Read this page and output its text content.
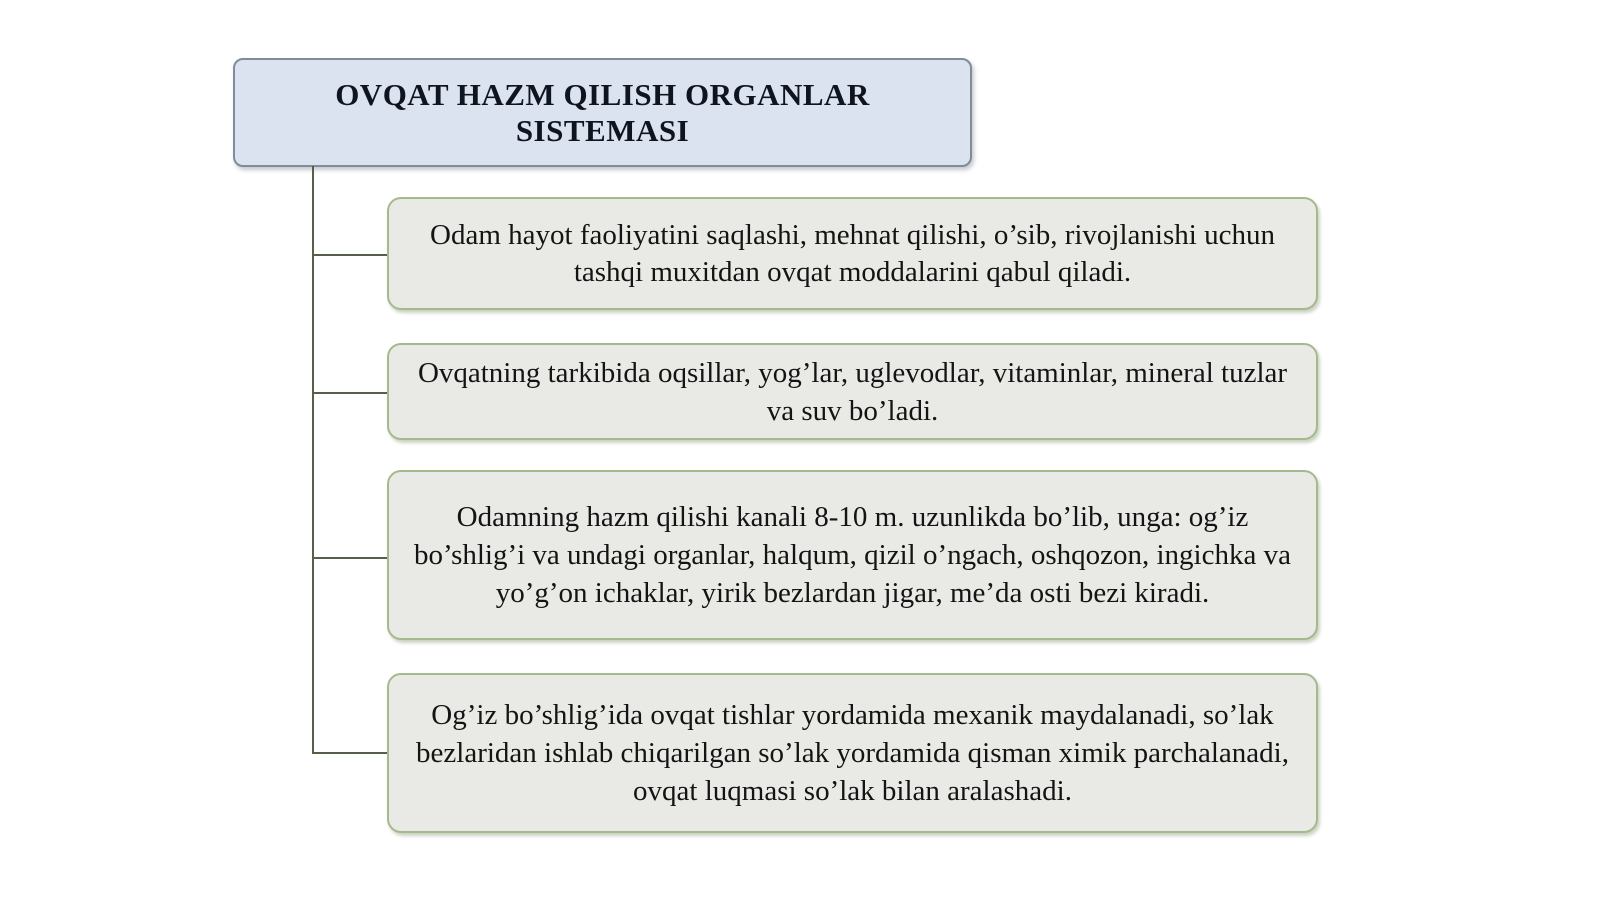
OVQAT HAZM QILISH ORGANLAR SISTEMASI
Odam hayot faoliyatini saqlashi, mehnat qilishi, o’sib, rivojlanishi uchun tashqi muxitdan ovqat moddalarini qabul qiladi.
Ovqatning tarkibida oqsillar, yog’lar, uglevodlar, vitaminlar, mineral tuzlar va suv bo’ladi.
Odamning hazm qilishi kanali 8-10 m. uzunlikda bo’lib, unga: og’iz bo’shlig’i va undagi organlar, halqum, qizil o’ngach, oshqozon, ingichka va yo’g’on ichaklar, yirik bezlardan jigar, me’da osti bezi kiradi.
Og’iz bo’shlig’ida ovqat tishlar yordamida mexanik maydalanadi, so’lak bezlaridan ishlab chiqarilgan so’lak yordamida qisman ximik parchalanadi, ovqat luqmasi so’lak bilan aralashadi.
